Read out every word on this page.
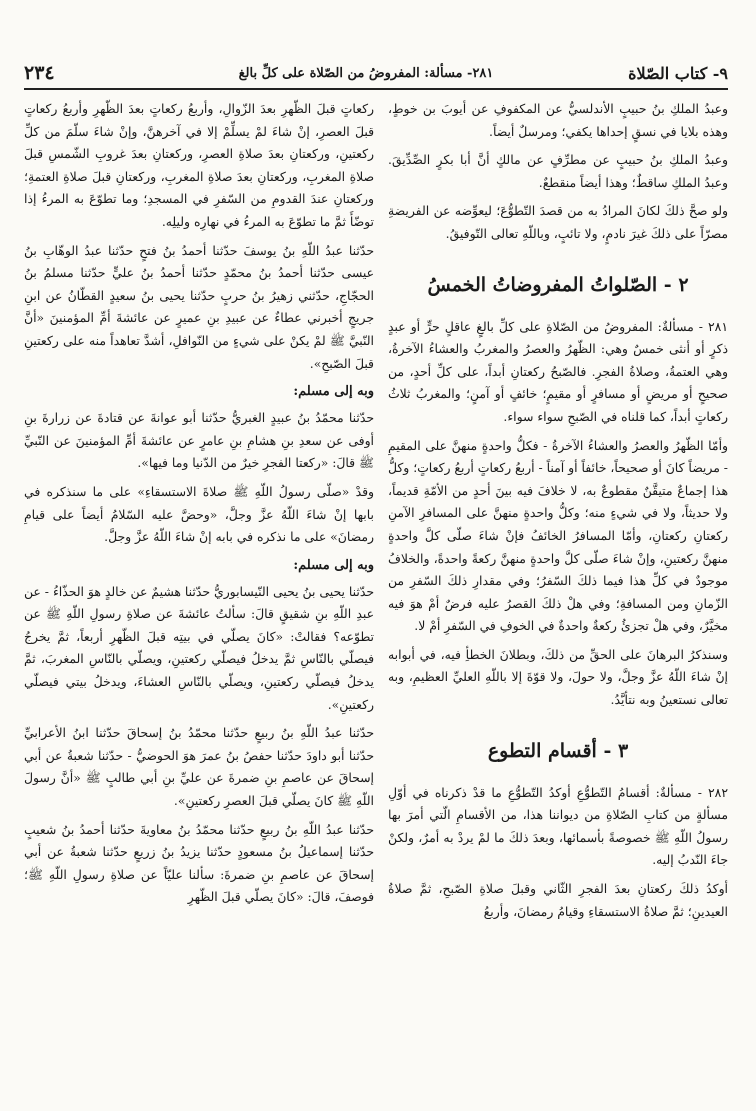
٩- كتاب الصّلاة
٢٨١- مسألة: المفروضُ من الصّلاة على كلِّ بالغ
٢٣٤
وعبدُ الملكِ بنُ حبيبٍ الأندلسيُّ عن المكفوفِ عن أيوبَ بن خوطٍ، وهذه بلايا في نسقٍ إحداها يكفي؛ ومرسلٌ أيضاً.
وعبدُ الملكِ بنُ حبيبٍ عن مطرِّفٍ عن مالكٍ أنَّ أبا بكرٍ الصِّدِّيقَ. وعبدُ الملكِ ساقطٌ؛ وهذا أيضاً منقطعٌ.
ولو صحَّ ذلكَ لكانَ المرادُ به من قصدَ التّطوُّعَ؛ ليعوِّضه عن الفريضةِ مصرّاً على ذلكَ غيرَ نادمٍ، ولا تائبٍ، وباللّهِ تعالى التّوفيقُ.
٢ - الصّلواتُ المفروضاتُ الخمسُ
٢٨١ - مسألةٌ: المفروضُ من الصّلاةِ على كلِّ بالغٍ عاقلٍ حرٍّ أو عبدٍ ذكرٍ أو أنثى خمسٌ وهي: الظّهرُ والعصرُ والمغربُ والعشاءُ الآخرةُ، وهي العتمةُ، وصلاةُ الفجرِ. فالصّبحُ ركعتانِ أبداً، على كلِّ أحدٍ، من صحيحٍ أو مريضٍ أو مسافرٍ أو مقيمٍ؛ خائفٍ أو آمنٍ؛ والمغربُ ثلاثُ ركعاتٍ أبداً، كما قلناه في الصّبحِ سواء سواء.
وأمّا الظّهرُ والعصرُ والعشاءُ الآخرةُ - فكلُّ واحدةٍ منهنَّ على المقيمِ - مريضاً كانَ أو صحيحاً، خائفاً أو آمناً - أربعُ ركعاتٍ أربعُ ركعاتٍ؛ وكلُّ هذا إجماعٌ متيقَّنٌ مقطوعٌ به، لا خلافَ فيه بينَ أحدٍ من الأمّةِ قديماً، ولا حديثاً، ولا في شيءٍ منه؛ وكلُّ واحدةٍ منهنَّ على المسافرِ الآمنِ ركعتانِ ركعتانِ، وأمّا المسافرُ الخائفُ فإنْ شاءَ صلّى كلَّ واحدةٍ منهنَّ ركعتينِ، وإنْ شاءَ صلّى كلَّ واحدةٍ منهنَّ ركعةً واحدةً، والخلافُ موجودٌ في كلِّ هذا فيما ذلكَ السّفرُ؛ وفي مقدارِ ذلكَ السّفرِ من الزّمانِ ومن المسافةِ؛ وفي هلْ ذلكَ القصرُ عليه فرضٌ أمْ هوَ فيه مخيَّرٌ، وفي هلْ تجزئُ ركعةٌ واحدةٌ في الخوفِ في السّفرِ أمْ لا.
وسنذكرُ البرهانَ على الحقِّ من ذلكَ، وبطلانَ الخطأِ فيه، في أبوابه إنْ شاءَ اللّهُ عزَّ وجلَّ، ولا حولَ، ولا قوّةَ إلا باللّهِ العليِّ العظيمِ، وبه تعالى نستعينُ وبه نتأيَّدُ.
٣ - أقسام التطوع
٢٨٢ - مسألةٌ: أقسامُ التّطوُّعِ أوكدُ التّطوُّعِ ما قدْ ذكرناه في أوّلِ مسألةٍ من كتابِ الصّلاةِ من ديواننا هذا، من الأقسامِ الّتي أمرَ بها رسولُ اللّهِ ﷺ خصوصةً بأسمائها، وبعدَ ذلكَ ما لمْ يردْ به أمرٌ، ولكنْ جاءَ النّدبُ إليه.
أوكدُ ذلكَ ركعتانِ بعدَ الفجرِ الثّاني وقبلَ صلاةِ الصّبحِ، ثمَّ صلاةُ العيدينِ؛ ثمَّ صلاةُ الاستسقاءِ وقيامُ رمضانَ، وأربعُ
ركعاتٍ قبلَ الظّهرِ بعدَ الزّوالِ، وأربعُ ركعاتٍ بعدَ الظّهرِ وأربعُ ركعاتٍ قبلَ العصرِ، إنْ شاءَ لمْ يسلِّمْ إلا في آخرهنَّ، وإنْ شاءَ سلّمَ من كلِّ ركعتينِ، وركعتانِ بعدَ صلاةِ العصرِ، وركعتانِ بعدَ غروبِ الشّمسِ قبلَ صلاةِ المغربِ، وركعتانِ بعدَ صلاةِ المغربِ، وركعتانِ قبلَ صلاةِ العتمةِ؛ وركعتانِ عندَ القدومِ من السّفرِ في المسجدِ؛ وما تطوّعَ به المرءُ إذا توضّأَ ثمَّ ما تطوّعَ به المرءُ في نهارِه وليلِه.
حدّثنا عبدُ اللّهِ بنُ يوسفَ حدّثنا أحمدُ بنُ فتحٍ حدّثنا عبدُ الوهّابِ بنُ عيسى حدّثنا أحمدُ بنُ محمّدٍ حدّثنا أحمدُ بنُ عليٍّ حدّثنا مسلمُ بنُ الحجّاجِ، حدّثني زهيرُ بنُ حربٍ حدّثنا يحيى بنُ سعيدٍ القطّانُ عن ابنِ جريجٍ أخبرني عطاءٌ عن عبيدِ بنِ عميرٍ عن عائشةَ أمِّ المؤمنينَ «أنَّ النّبيَّ ﷺ لمْ يكنْ على شيءٍ من النّوافلِ، أشدَّ تعاهداً منه على ركعتينِ قبلَ الصّبحِ».
وبه إلى مسلم:
حدّثنا محمّدُ بنُ عبيدٍ الغبريُّ حدّثنا أبو عوانةَ عن قتادةَ عن زرارةَ بنِ أوفى عن سعدِ بنِ هشامِ بنِ عامرٍ عن عائشةَ أمِّ المؤمنينَ عن النّبيِّ ﷺ قالَ: «ركعتا الفجرِ خيرٌ من الدّنيا وما فيها».
وقدْ «صلّى رسولُ اللّهِ ﷺ صلاةَ الاستسقاءِ» على ما سنذكره في بابها إنْ شاءَ اللّهُ عزَّ وجلَّ، «وحضَّ عليه السّلامُ أيضاً على قيامِ رمضانَ» على ما نذكره في بابه إنْ شاءَ اللّهُ عزَّ وجلَّ.
وبه إلى مسلم:
حدّثنا يحيى بنُ يحيى النّيسابوريُّ حدّثنا هشيمٌ عن خالدٍ هوَ الحذّاءُ - عن عبدِ اللّهِ بنِ شقيقٍ قالَ: سألتُ عائشةَ عن صلاةِ رسولِ اللّهِ ﷺ عن تطوّعه؟ فقالتْ: «كانَ يصلّي في بيتِه قبلَ الظّهرِ أربعاً، ثمَّ يخرجُ فيصلّي بالنّاسِ ثمَّ يدخلُ فيصلّي ركعتينِ، ويصلّي بالنّاسِ المغربَ، ثمَّ يدخلُ فيصلّي ركعتينِ، ويصلّي بالنّاسِ العشاءَ، ويدخلُ بيتي فيصلّي ركعتينِ».
حدّثنا عبدُ اللّهِ بنُ ربيعٍ حدّثنا محمّدُ بنُ إسحاقَ حدّثنا ابنُ الأعرابيِّ حدّثنا أبو داودَ حدّثنا حفصُ بنُ عمرَ هوَ الحوضيُّ - حدّثنا شعبةُ عن أبي إسحاقَ عن عاصمِ بنِ ضمرةَ عن عليِّ بنِ أبي طالبٍ ﷺ «أنَّ رسولَ اللّهِ ﷺ كانَ يصلّي قبلَ العصرِ ركعتينِ».
حدّثنا عبدُ اللّهِ بنُ ربيعٍ حدّثنا محمّدُ بنُ معاويةَ حدّثنا أحمدُ بنُ شعيبٍ حدّثنا إسماعيلُ بنُ مسعودٍ حدّثنا يزيدُ بنُ زريعٍ حدّثنا شعبةُ عن أبي إسحاقَ عن عاصمِ بنِ ضمرةَ: سألنا عليّاً عن صلاةِ رسولِ اللّهِ ﷺ؛ فوصفَ، قالَ: «كانَ يصلّي قبلَ الظّهرِ
